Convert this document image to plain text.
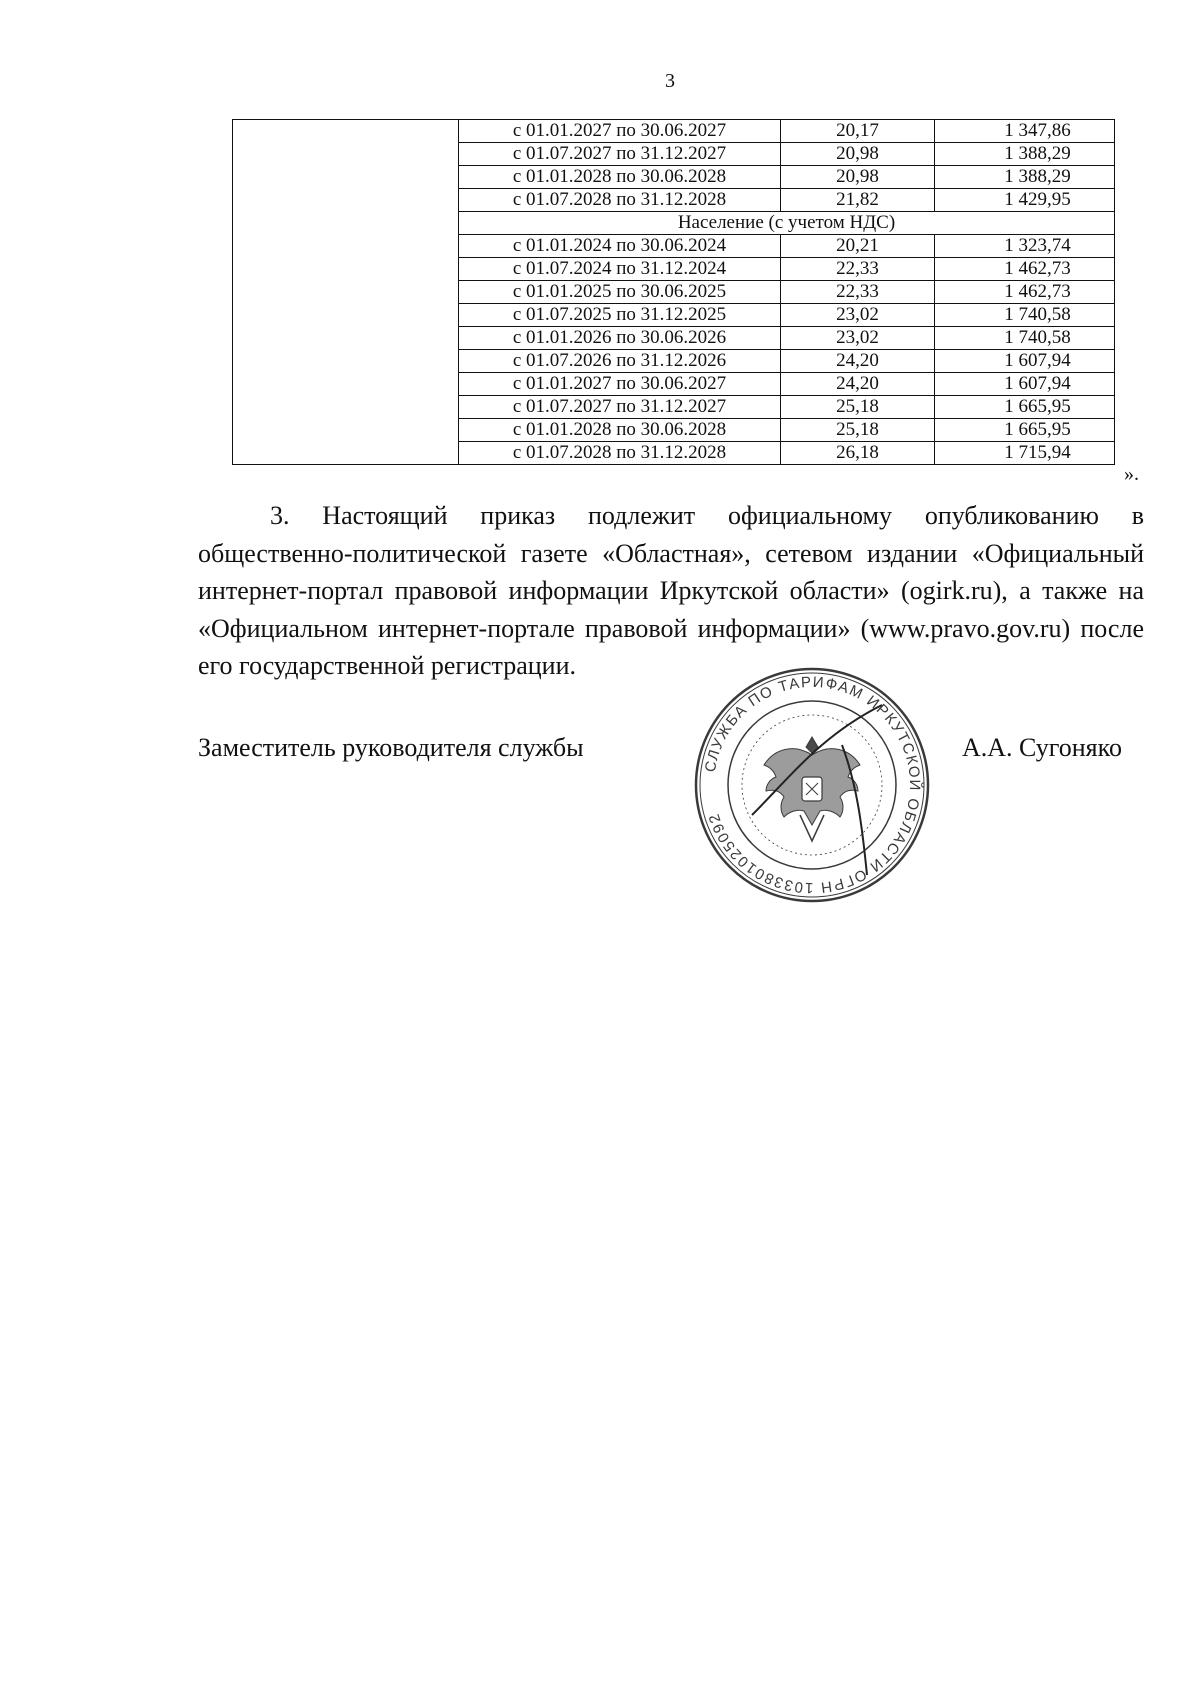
3
	с 01.01.2027 по 30.06.2027	20,17	1 347,86
	с 01.07.2027 по 31.12.2027	20,98	1 388,29
	с 01.01.2028 по 30.06.2028	20,98	1 388,29
	с 01.07.2028 по 31.12.2028	21,82	1 429,95
	Население (с учетом НДС)		
	с 01.01.2024 по 30.06.2024	20,21	1 323,74
	с 01.07.2024 по 31.12.2024	22,33	1 462,73
	с 01.01.2025 по 30.06.2025	22,33	1 462,73
	с 01.07.2025 по 31.12.2025	23,02	1 740,58
	с 01.01.2026 по 30.06.2026	23,02	1 740,58
	с 01.07.2026 по 31.12.2026	24,20	1 607,94
	с 01.01.2027 по 30.06.2027	24,20	1 607,94
	с 01.07.2027 по 31.12.2027	25,18	1 665,95
	с 01.01.2028 по 30.06.2028	25,18	1 665,95
	с 01.07.2028 по 31.12.2028	26,18	1 715,94
».

3. Настоящий приказ подлежит официальному опубликованию в общественно-политической газете «Областная», сетевом издании «Официальный интернет-портал правовой информации Иркутской области» (ogirk.ru), а также на «Официальном интернет-портале правовой информации» (www.pravo.gov.ru) после его государственной регистрации.

Заместитель руководителя службы	А.А. Сугоняко
СЛУЖБА ПО ТАРИФАМ ИРКУТСКОЙ ОБЛАСТИ ОГРН 1033801025092
